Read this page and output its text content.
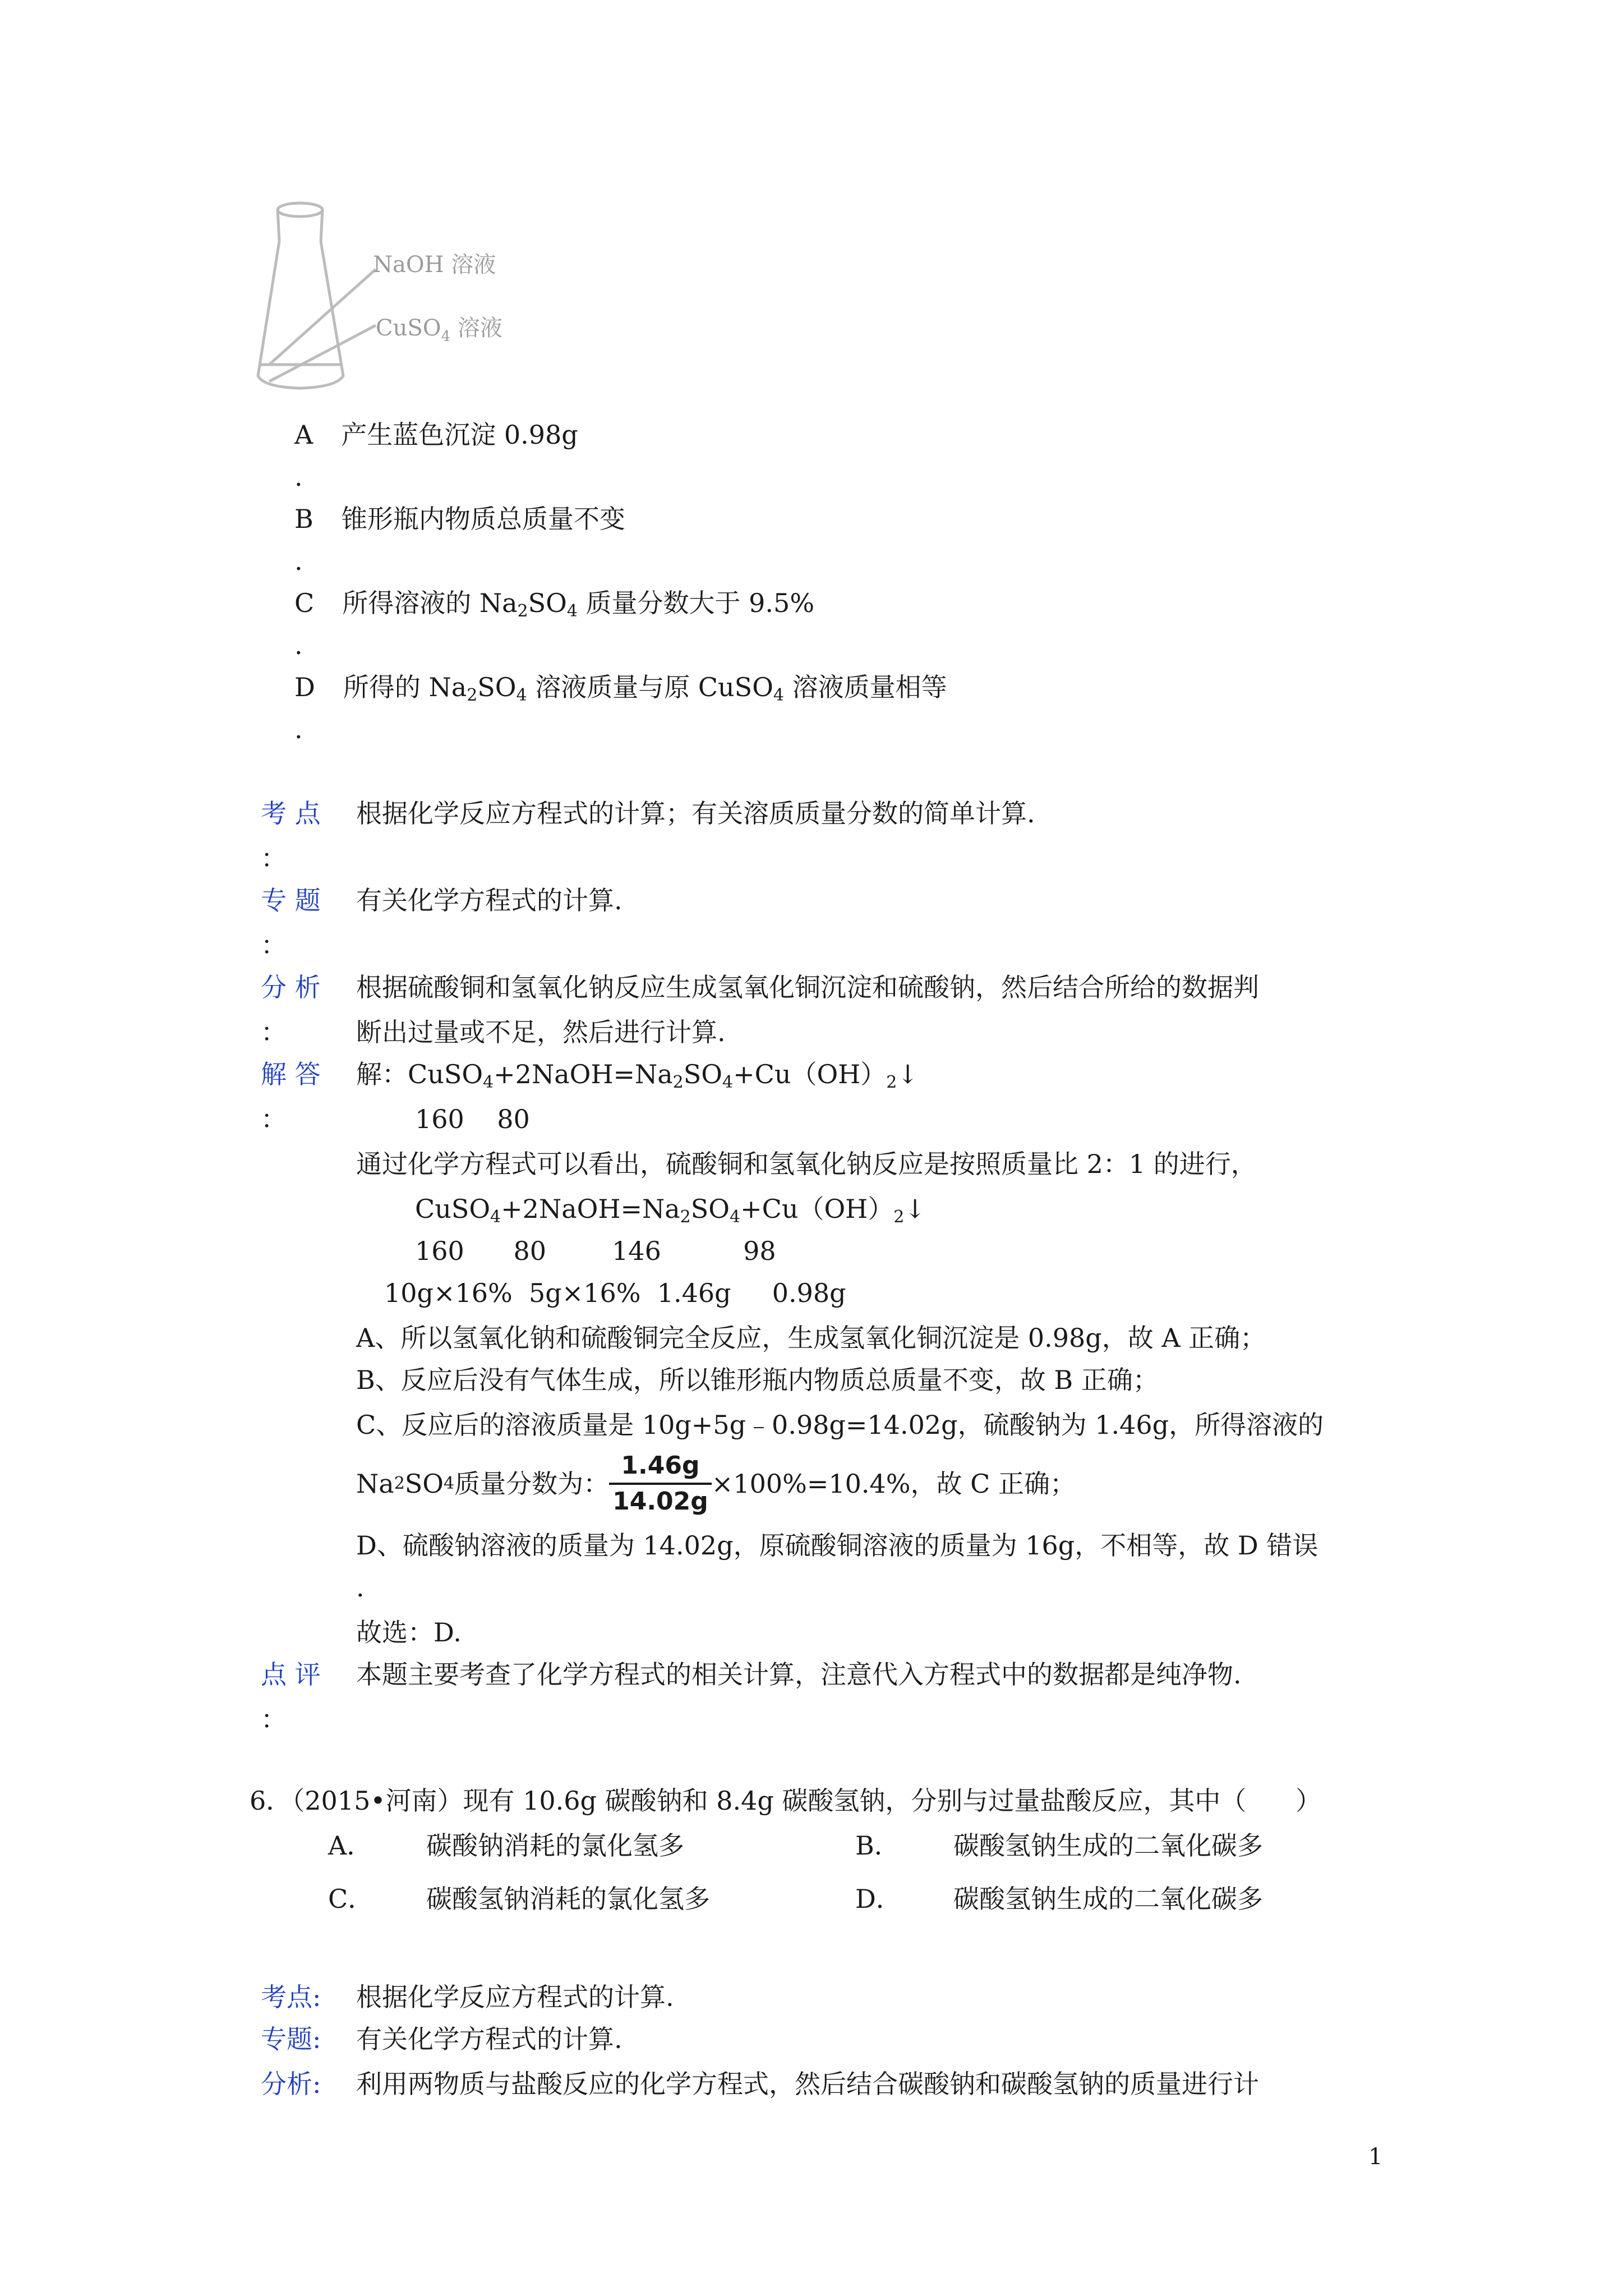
NaOH 溶液
CuSO$_4$ 溶液
A 产生蓝色沉淀 0.98g
.
B 锥形瓶内物质总质量不变
.
C 所得溶液的 $Na_2SO_4$ 质量分数大于 9.5%
.
D 所得的 $Na_2SO_4$ 溶液质量与原 CuSO$_4$ 溶液质量相等
.
考 点 根据化学反应方程式的计算；有关溶质质量分数的简单计算.
：
专 题 有关化学方程式的计算.
：
分 析 根据硫酸铜和氢氧化钠反应生成氢氧化铜沉淀和硫酸钠，然后结合所给的数据判
：	断出过量或不足，然后进行计算.
解 答 解：$CuSO_4+2NaOH=Na_2SO_4+Cu(OH)_2↓$
：	160    80
通过化学方程式可以看出，硫酸铜和氢氧化钠反应是按照质量比 2：1 的进行，
$CuSO_4+2NaOH=Na_2SO_4+Cu(OH)_2↓$
160      80        146          98
10g×16%  5g×16%  1.46g     0.98g
A、所以氢氧化钠和硫酸铜完全反应，生成氢氧化铜沉淀是 0.98g，故 A 正确；
B、反应后没有气体生成，所以锥形瓶内物质总质量不变，故 B 正确；
C、反应后的溶液质量是 10g+5g﹣0.98g=14.02g，硫酸钠为 1.46g，所得溶液的
Na 2 SO 4 质量分数为： $\frac{1.46g}{14.02g} \times 100\%=10.4\%$，故 C 正确；
D、硫酸钠溶液的质量为 14.02g，原硫酸铜溶液的质量为 16g，不相等，故 D 错误
.
故选：D.
点 评 本题主要考查了化学方程式的相关计算，注意代入方程式中的数据都是纯净物.
：
6．（2015•河南）现有 10.6g 碳酸钠和 8.4g 碳酸氢钠，分别与过量盐酸反应，其中（      ）
A． 碳酸钠消耗的氯化氢多	B． 碳酸氢钠生成的二氧化碳多
C． 碳酸氢钠消耗的氯化氢多	D． 碳酸氢钠生成的二氧化碳多
考点: 根据化学反应方程式的计算.
专题: 有关化学方程式的计算.
分析: 利用两物质与盐酸反应的化学方程式，然后结合碳酸钠和碳酸氢钠的质量进行计
1
